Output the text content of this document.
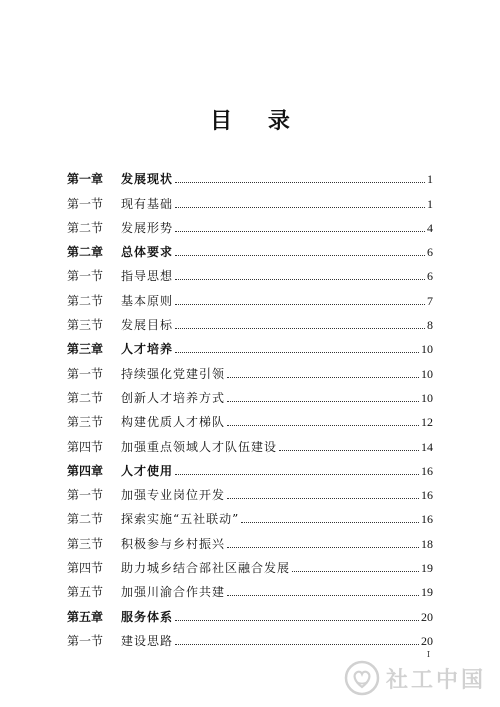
目 录
第一章	发展现状	1
第一节	现有基础	1
第二节	发展形势	4
第二章	总体要求	6
第一节	指导思想	6
第二节	基本原则	7
第三节	发展目标	8
第三章	人才培养	10
第一节	持续强化党建引领	10
第二节	创新人才培养方式	10
第三节	构建优质人才梯队	12
第四节	加强重点领域人才队伍建设	14
第四章	人才使用	16
第一节	加强专业岗位开发	16
第二节	探索实施“五社联动”	16
第三节	积极参与乡村振兴	18
第四节	助力城乡结合部社区融合发展	19
第五节	加强川渝合作共建	19
第五章	服务体系	20
第一节	建设思路	20
I
社工中国
